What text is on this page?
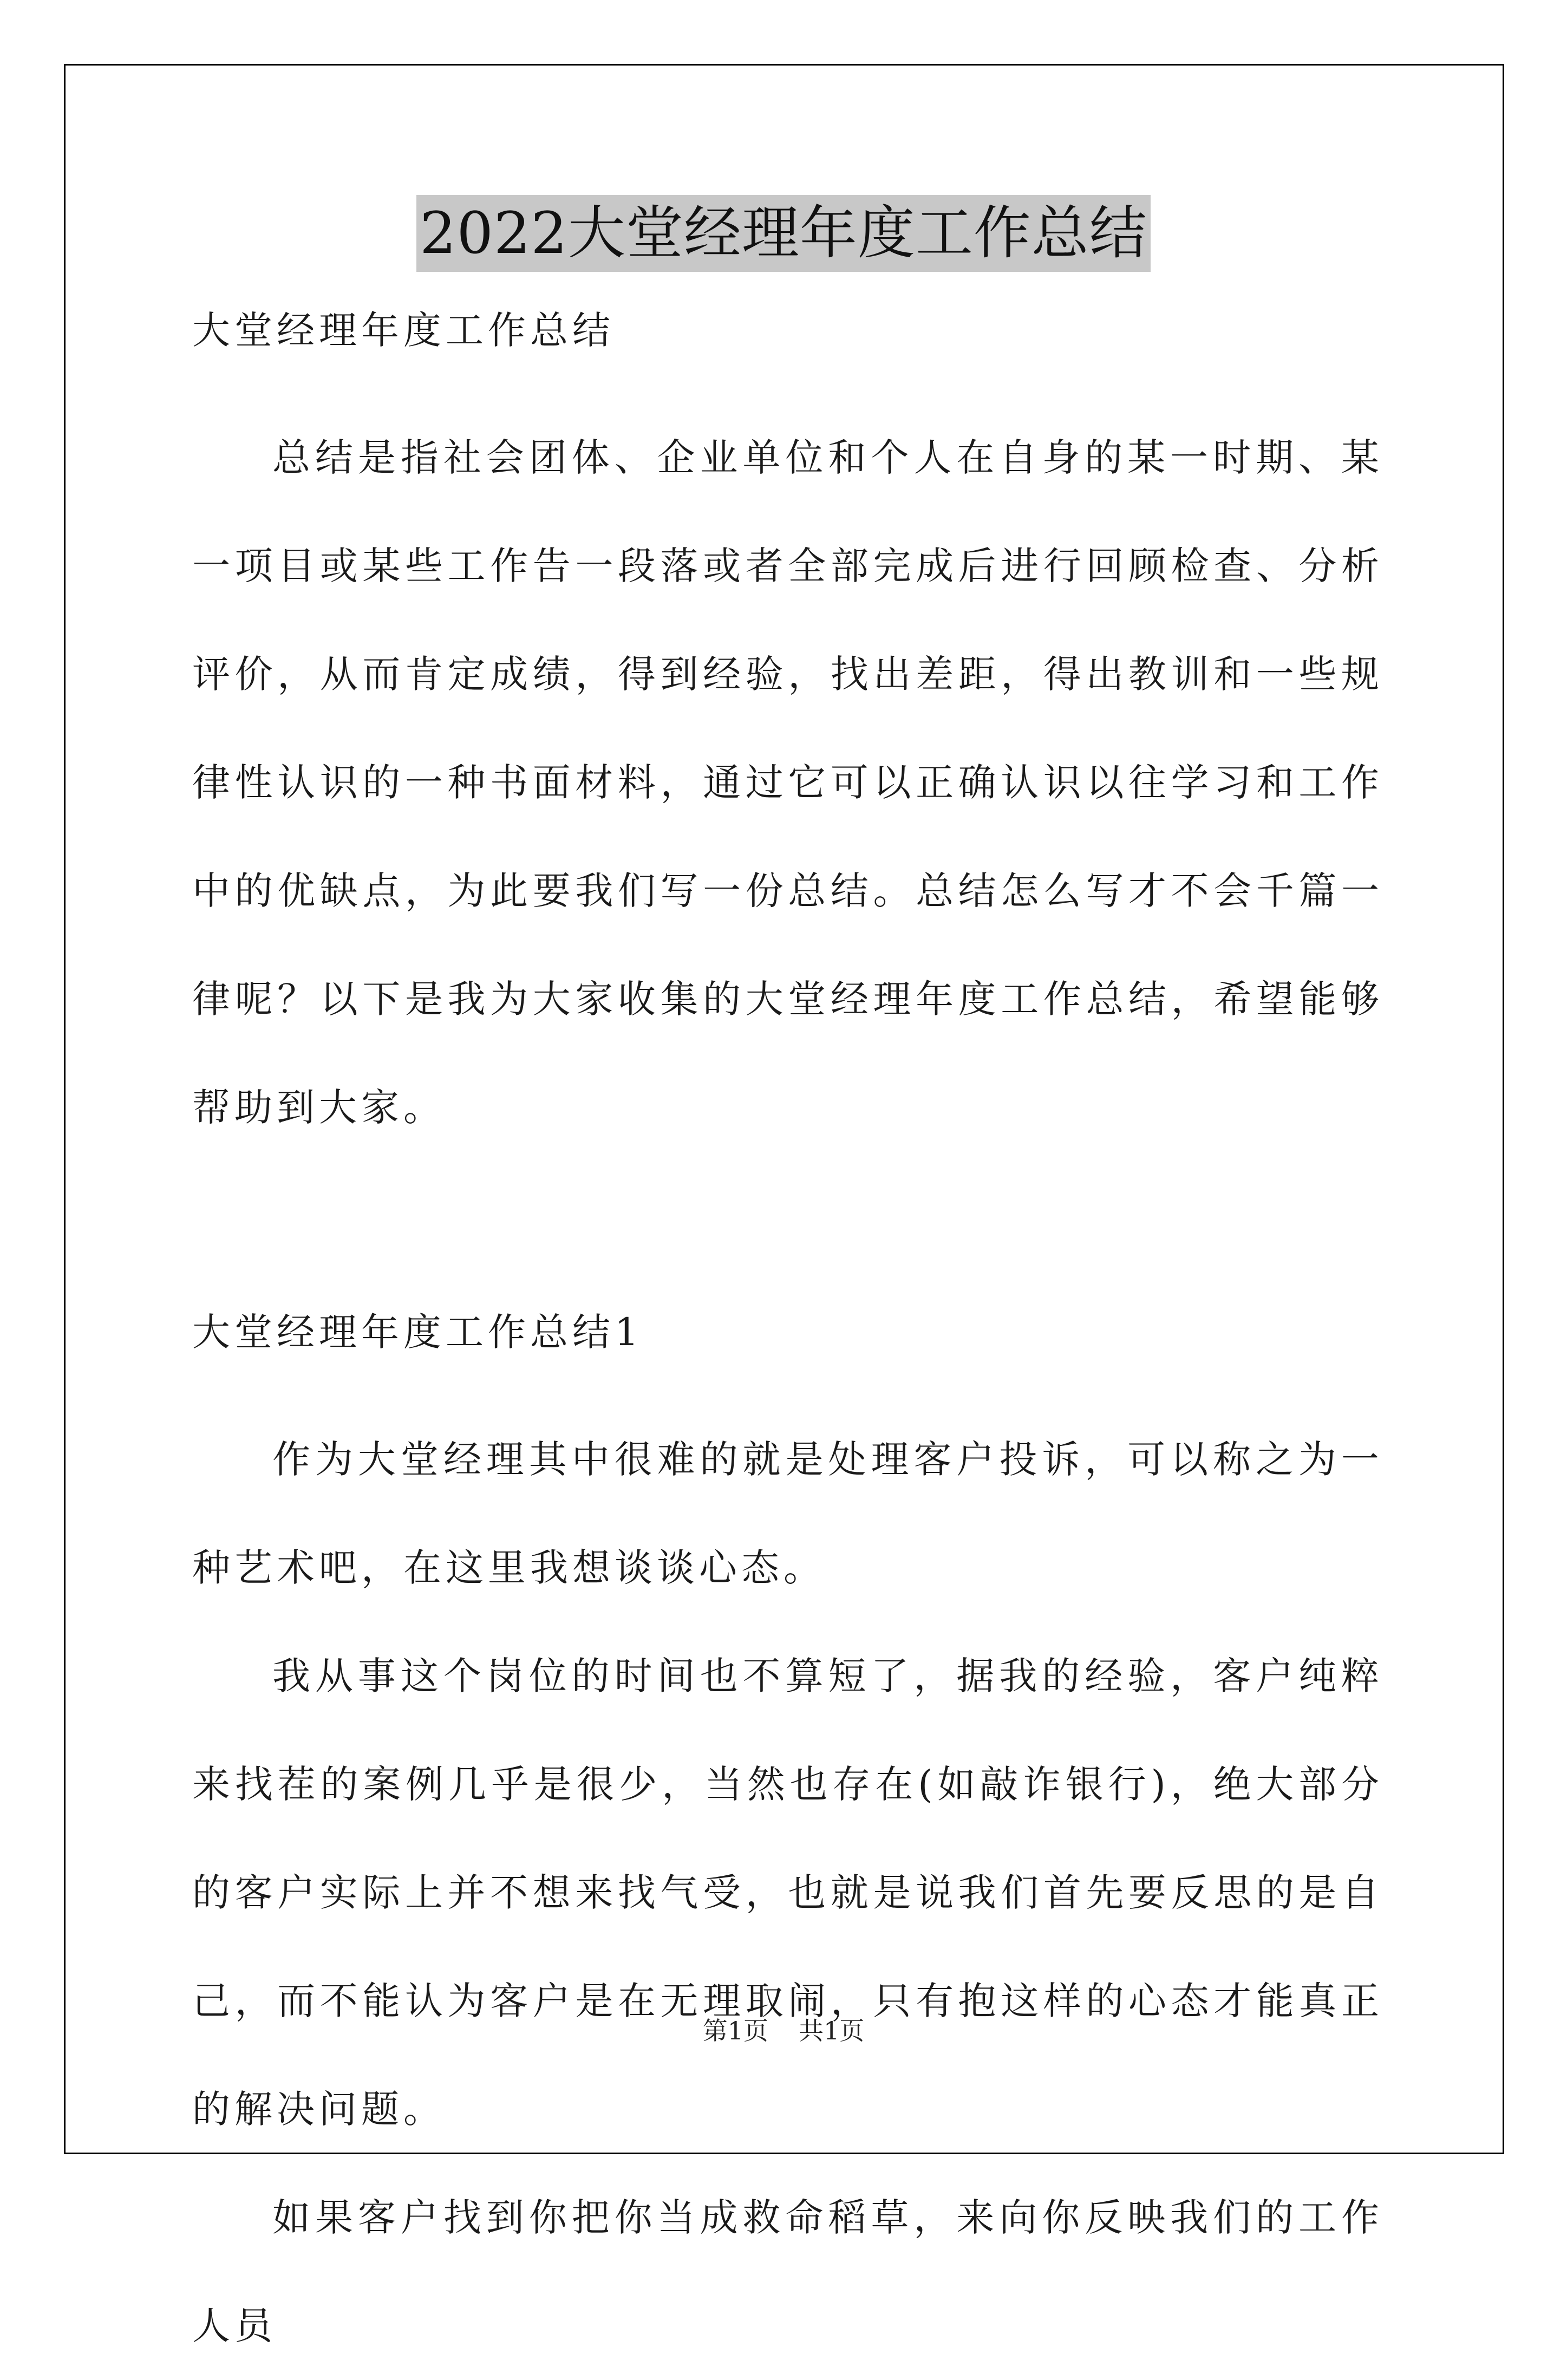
2022大堂经理年度工作总结

大堂经理年度工作总结

总结是指社会团体、企业单位和个人在自身的某一时期、某一项目或某些工作告一段落或者全部完成后进行回顾检查、分析评价，从而肯定成绩，得到经验，找出差距，得出教训和一些规律性认识的一种书面材料，通过它可以正确认识以往学习和工作中的优缺点，为此要我们写一份总结。总结怎么写才不会千篇一律呢？以下是我为大家收集的大堂经理年度工作总结，希望能够帮助到大家。

大堂经理年度工作总结1

作为大堂经理其中很难的就是处理客户投诉，可以称之为一种艺术吧，在这里我想谈谈心态。

我从事这个岗位的时间也不算短了，据我的经验，客户纯粹来找茬的案例几乎是很少，当然也存在(如敲诈银行)，绝大部分的客户实际上并不想来找气受，也就是说我们首先要反思的是自己，而不能认为客户是在无理取闹，只有抱这样的心态才能真正的解决问题。

如果客户找到你把你当成救命稻草，来向你反映我们的工作人员

第1页 共1页
